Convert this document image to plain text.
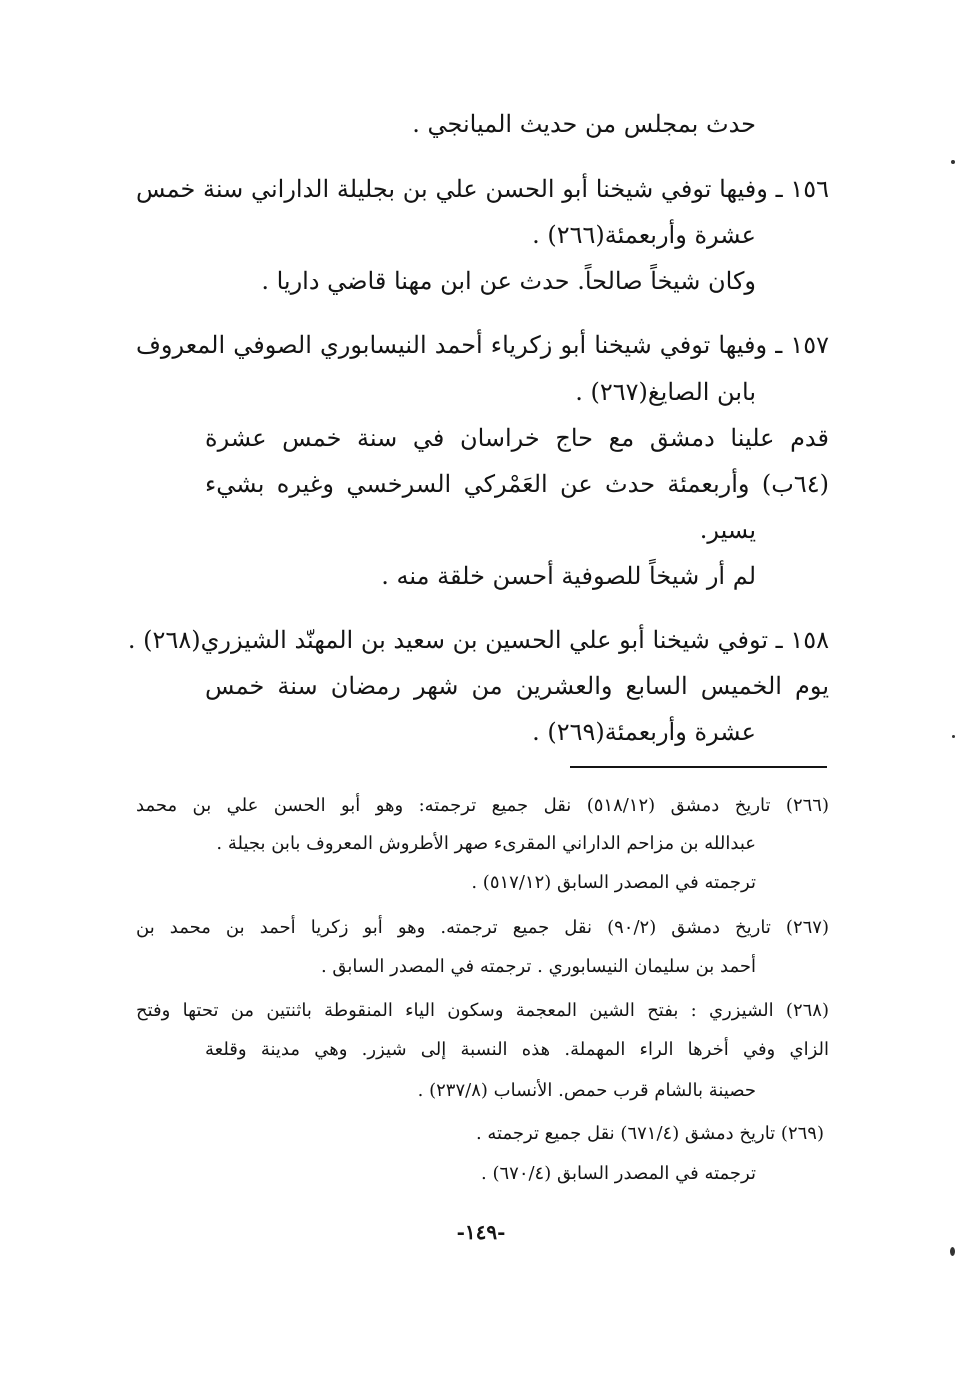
حدث بمجلس من حديث الميانجي .
١٥٦ ـ وفيها توفي شيخنا أبو الحسن علي بن بجليلة الداراني سنة خمس
عشرة وأربعمئة(٢٦٦) .
وكان شيخاً صالحاً. حدث عن ابن مهنا قاضي داريا .
١٥٧ ـ وفيها توفي شيخنا أبو زكرياء أحمد النيسابوري الصوفي المعروف
بابن الصايغ(٢٦٧) .
قدم علينا دمشق مع حاج خراسان في سنة خمس عشرة
(٦٤ب) وأربعمئة حدث عن العَمْركي السرخسي وغيره بشيء
يسير.
لم أر شيخاً للصوفية أحسن خلقة منه .
١٥٨ ـ توفي شيخنا أبو علي الحسين بن سعيد بن المهنّد الشيزري(٢٦٨) .
يوم الخميس السابع والعشرين من شهر رمضان سنة خمس
عشرة وأربعمئة(٢٦٩) .
(٢٦٦) تاريخ دمشق (٥١٨/١٢) نقل جميع ترجمته: وهو أبو الحسن علي بن محمد
عبدالله بن مزاحم الداراني المقرىء صهر الأطروش المعروف بابن بجيلة .
ترجمته في المصدر السابق (٥١٧/١٢) .
(٢٦٧) تاريخ دمشق (٩٠/٢) نقل جميع ترجمته. وهو أبو زكريا أحمد بن محمد بن
أحمد بن سليمان النيسابوري . ترجمته في المصدر السابق .
(٢٦٨) الشيزري : بفتح الشين المعجمة وسكون الياء المنقوطة باثنتين من تحتها وفتح
الزاي وفي أخرها الراء المهملة. هذه النسبة إلى شيزر. وهي مدينة وقلعة
حصينة بالشام قرب حمص. الأنساب (٢٣٧/٨) .
(٢٦٩) تاريخ دمشق (٦٧١/٤) نقل جميع ترجمته .
ترجمته في المصدر السابق (٦٧٠/٤) .
-١٤٩-
